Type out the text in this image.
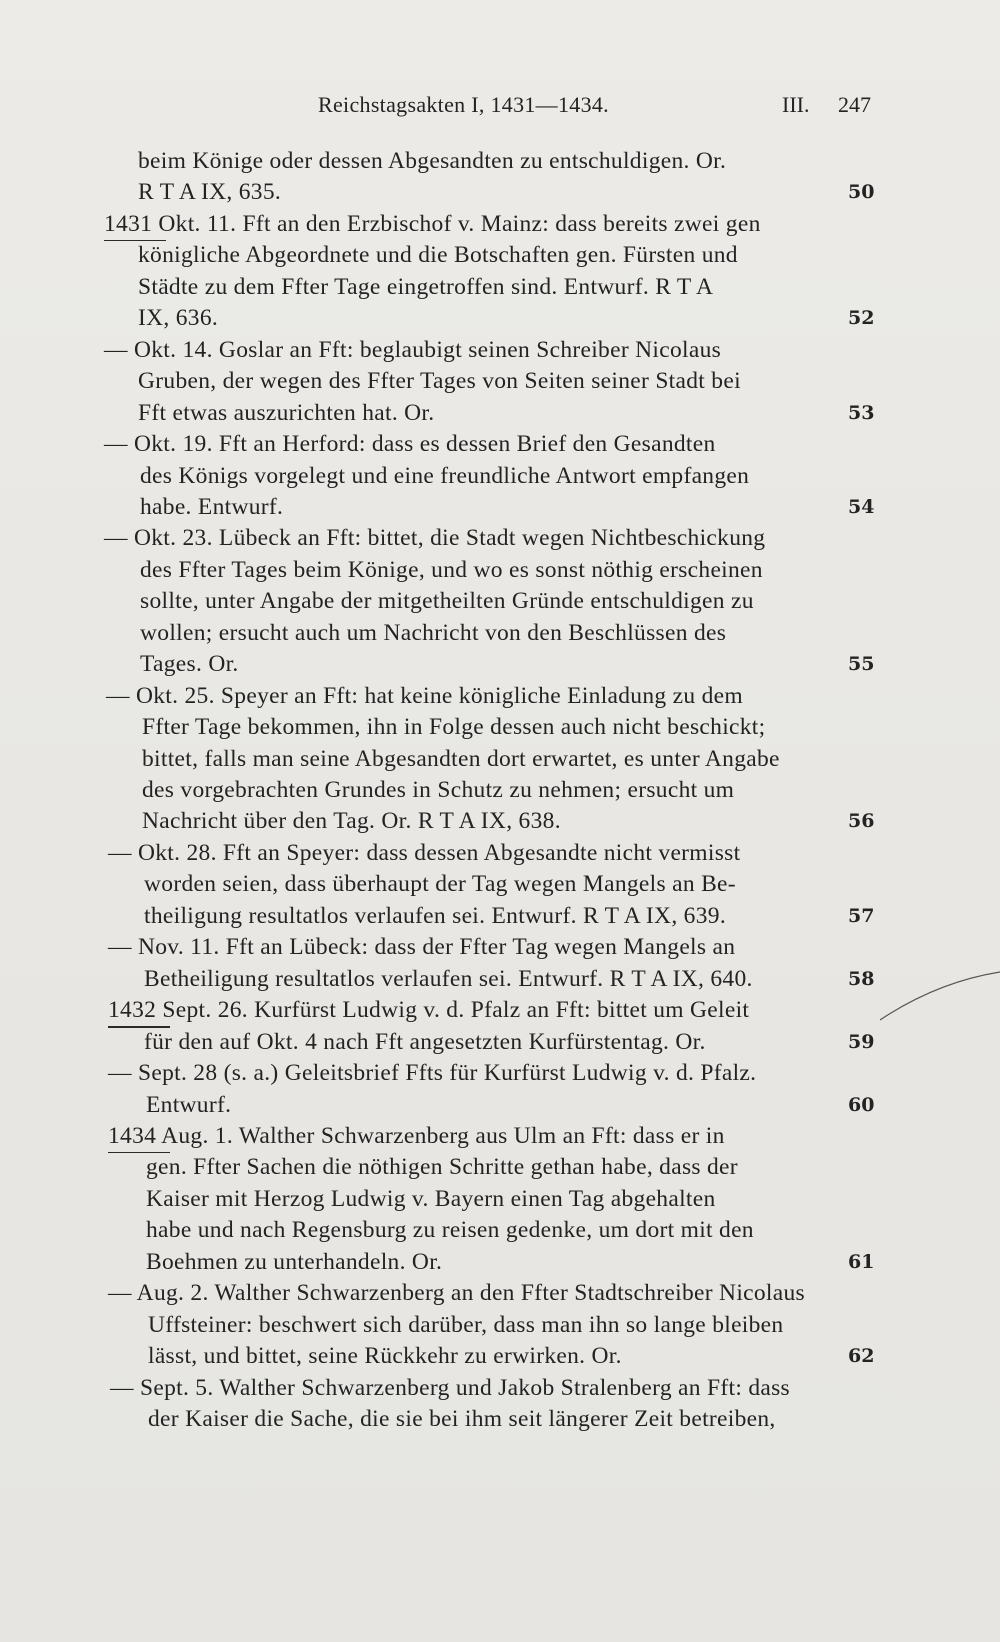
Reichstagsakten I, 1431—1434.	III. 247
beim Könige oder dessen Abgesandten zu entschuldigen. Or.
R T A IX, 635.	50
1431 Okt. 11. Fft an den Erzbischof v. Mainz: dass bereits zwei gen
königliche Abgeordnete und die Botschaften gen. Fürsten und
Städte zu dem Ffter Tage eingetroffen sind. Entwurf. R T A
IX, 636.	52
— Okt. 14. Goslar an Fft: beglaubigt seinen Schreiber Nicolaus
Gruben, der wegen des Ffter Tages von Seiten seiner Stadt bei
Fft etwas auszurichten hat. Or.	53
— Okt. 19. Fft an Herford: dass es dessen Brief den Gesandten
des Königs vorgelegt und eine freundliche Antwort empfangen
habe. Entwurf.	54
— Okt. 23. Lübeck an Fft: bittet, die Stadt wegen Nichtbeschickung
des Ffter Tages beim Könige, und wo es sonst nöthig erscheinen
sollte, unter Angabe der mitgetheilten Gründe entschuldigen zu
wollen; ersucht auch um Nachricht von den Beschlüssen des
Tages. Or.	55
— Okt. 25. Speyer an Fft: hat keine königliche Einladung zu dem
Ffter Tage bekommen, ihn in Folge dessen auch nicht beschickt;
bittet, falls man seine Abgesandten dort erwartet, es unter Angabe
des vorgebrachten Grundes in Schutz zu nehmen; ersucht um
Nachricht über den Tag. Or. R T A IX, 638.	56
— Okt. 28. Fft an Speyer: dass dessen Abgesandte nicht vermisst
worden seien, dass überhaupt der Tag wegen Mangels an Be-
theiligung resultatlos verlaufen sei. Entwurf. R T A IX, 639.	57
— Nov. 11. Fft an Lübeck: dass der Ffter Tag wegen Mangels an
Betheiligung resultatlos verlaufen sei. Entwurf. R T A IX, 640.	58
1432 Sept. 26. Kurfürst Ludwig v. d. Pfalz an Fft: bittet um Geleit
für den auf Okt. 4 nach Fft angesetzten Kurfürstentag. Or.	59
— Sept. 28 (s. a.) Geleitsbrief Ffts für Kurfürst Ludwig v. d. Pfalz.
Entwurf.	60
1434 Aug. 1. Walther Schwarzenberg aus Ulm an Fft: dass er in
gen. Ffter Sachen die nöthigen Schritte gethan habe, dass der
Kaiser mit Herzog Ludwig v. Bayern einen Tag abgehalten
habe und nach Regensburg zu reisen gedenke, um dort mit den
Boehmen zu unterhandeln. Or.	61
— Aug. 2. Walther Schwarzenberg an den Ffter Stadtschreiber Nicolaus
Uffsteiner: beschwert sich darüber, dass man ihn so lange bleiben
lässt, und bittet, seine Rückkehr zu erwirken. Or.	62
— Sept. 5. Walther Schwarzenberg und Jakob Stralenberg an Fft: dass
der Kaiser die Sache, die sie bei ihm seit längerer Zeit betreiben,
